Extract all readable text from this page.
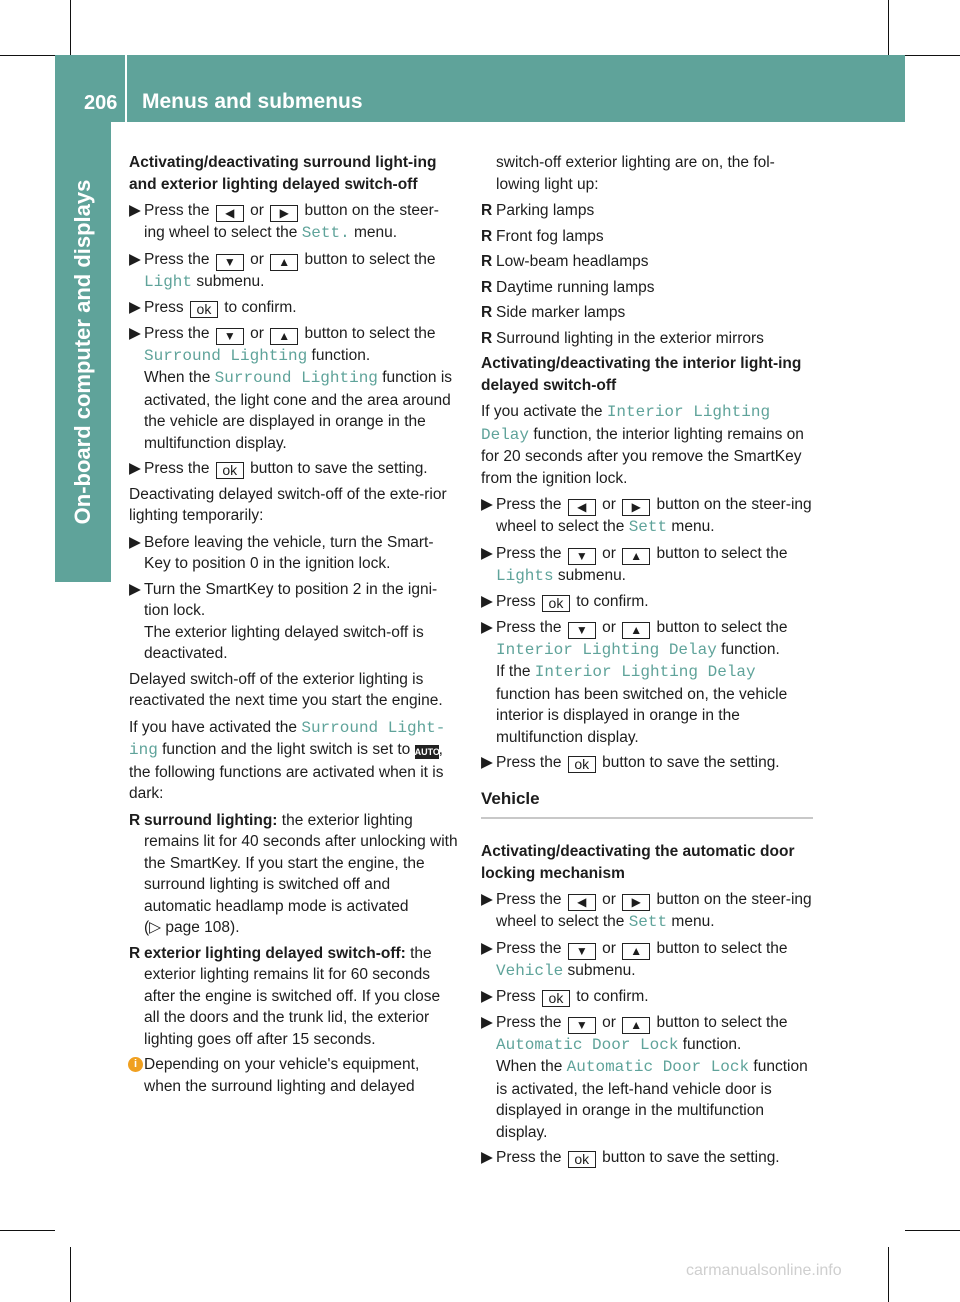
206 Menus and submenus
On-board computer and displays
Activating/deactivating surround light-ing and exterior lighting delayed switch-off
▶ Press the ◀ or ▶ button on the steer-ing wheel to select the Sett. menu.
▶ Press the ▼ or ▲ button to select the Light submenu.
▶ Press ok to confirm.
▶ Press the ▼ or ▲ button to select the Surround Lighting function.
When the Surround Lighting function is activated, the light cone and the area around the vehicle are displayed in orange in the multifunction display.
▶ Press the ok button to save the setting.

Deactivating delayed switch-off of the exte-rior lighting temporarily:

▶ Before leaving the vehicle, turn the Smart-Key to position 0 in the ignition lock.
▶ Turn the SmartKey to position 2 in the igni-tion lock.
The exterior lighting delayed switch-off is deactivated.

Delayed switch-off of the exterior lighting is reactivated the next time you start the engine.

If you have activated the Surround Light-ing function and the light switch is set to AUTO, the following functions are activated when it is dark:

R surround lighting: the exterior lighting remains lit for 40 seconds after unlocking with the SmartKey. If you start the engine, the surround lighting is switched off and automatic headlamp mode is activated
(▷ page 108).
R exterior lighting delayed switch-off: the exterior lighting remains lit for 60 seconds after the engine is switched off. If you close all the doors and the trunk lid, the exterior lighting goes off after 15 seconds.
i Depending on your vehicle's equipment, when the surround lighting and delayed
switch-off exterior lighting are on, the fol-lowing light up:
R Parking lamps
R Front fog lamps
R Low-beam headlamps
R Daytime running lamps
R Side marker lamps
R Surround lighting in the exterior mirrors
Activating/deactivating the interior light-ing delayed switch-off

If you activate the Interior Lighting Delay function, the interior lighting remains on for 20 seconds after you remove the SmartKey from the ignition lock.

▶ Press the ◀ or ▶ button on the steer-ing wheel to select the Sett menu.
▶ Press the ▼ or ▲ button to select the Lights submenu.
▶ Press ok to confirm.
▶ Press the ▼ or ▲ button to select the Interior Lighting Delay function.
If the Interior Lighting Delay function has been switched on, the vehicle interior is displayed in orange in the multifunction display.
▶ Press the ok button to save the setting.
Vehicle
Activating/deactivating the automatic door locking mechanism
▶ Press the ◀ or ▶ button on the steer-ing wheel to select the Sett menu.
▶ Press the ▼ or ▲ button to select the Vehicle submenu.
▶ Press ok to confirm.
▶ Press the ▼ or ▲ button to select the Automatic Door Lock function.
When the Automatic Door Lock function is activated, the left-hand vehicle door is displayed in orange in the multifunction display.
▶ Press the ok button to save the setting.
carmanualsonline.info
